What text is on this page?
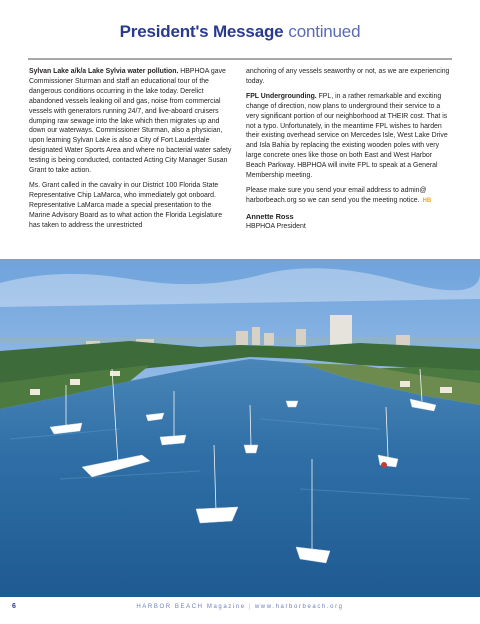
President's Message continued

Sylvan Lake a/k/a Lake Sylvia water pollution. HBPHOA gave Commissioner Sturman and staff an educational tour of the dangerous conditions occurring in the lake today. Derelict abandoned vessels leaking oil and gas, noise from commercial vessels with generators running 24/7, and live-aboard cruisers dumping raw sewage into the lake which then migrates up and down our waterways. Commissioner Sturman, also a physician, upon learning Sylvan Lake is also a City of Fort Lauderdale designated Water Sports Area and where no bacterial water safety testing is being conducted, contacted Acting City Manager Susan Grant to take action.

Ms. Grant called in the cavalry in our District 100 Florida State Representative Chip LaMarca, who immediately got onboard. Representative LaMarca made a special presentation to the Marine Advisory Board as to what action the Florida Legislature has taken to address the unrestricted

anchoring of any vessels seaworthy or not, as we are experiencing today.

FPL Undergrounding. FPL, in a rather remarkable and exciting change of direction, now plans to underground their service to a very significant portion of our neighborhood at THEIR cost. That is not a typo. Unfortunately, in the meantime FPL wishes to harden their existing overhead service on Mercedes Isle, West Lake Drive and Isla Bahia by replacing the existing wooden poles with very large concrete ones like those on both East and West Harbor Beach Parkway. HBPHOA will invite FPL to speak at a General Membership meeting.

Please make sure you send your email address to admin@ harborbeach.org so we can send you the meeting notice. HB

Annette Ross
HBPHOA President
6	HARBOR BEACH Magazine | www.harborbeach.org
